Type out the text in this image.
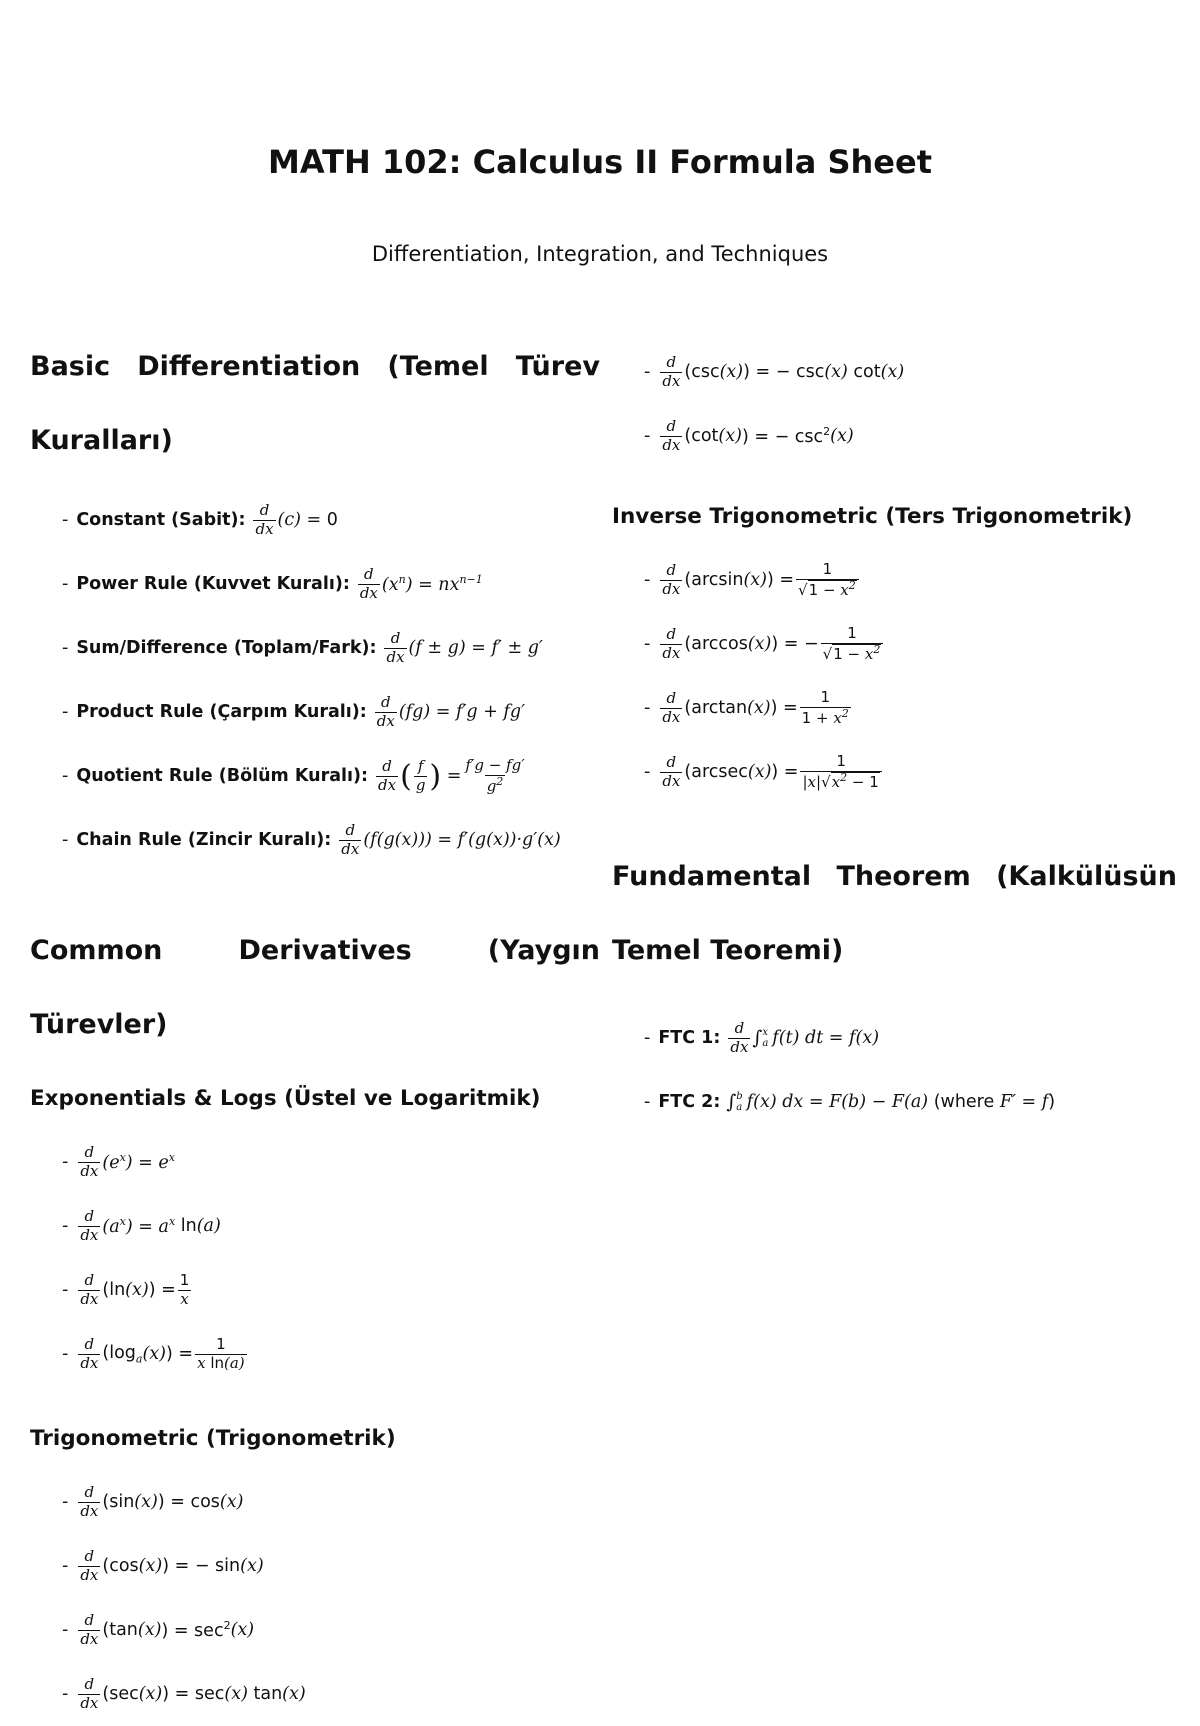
MATH 102: Calculus II Formula Sheet

Differentiation, Integration, and Techniques

Basic Differentiation (Temel Türev Kuralları)
- Constant (Sabit): $\frac{d}{dx} (c) = 0$
- Power Rule (Kuvvet Kuralı): $\frac{d}{dx} (x^n) = nx^{n-1}$
- Sum/Difference (Toplam/Fark): $\frac{d}{dx} (f \pm g) = f' \pm g'$
- Product Rule (Çarpım Kuralı): $\frac{d}{dx} (fg) = f'g + fg'$
- Quotient Rule (Bölüm Kuralı): $\frac{d}{dx}$ ( $\frac{f}{g}$ ) = $\frac{f'g - fg'}{g^2}$
- Chain Rule (Zincir Kuralı): $\frac{d}{dx} (f(g(x))) = f'(g(x))\cdot g'(x)$
Common Derivatives (Yaygın Türevler)
Exponentials & Logs (Üstel ve Logaritmik)
- $\frac{d}{dx} (e^x) = e^x$
- $\frac{d}{dx} (a^x) = a^x$ ln (a)
- $\frac{d}{dx} (\ln$ (x) ) = $\frac{1}{x}$
- $\frac{d}{dx} (\log_a$ (x) ) = $\frac{1}{\text{x ln(a)}}$
Trigonometric (Trigonometrik)
- $\frac{d}{dx} (\sin$ (x) ) = cos (x)
- $\frac{d}{dx} (\cos$ (x) ) = − sin (x)
- $\frac{d}{dx} (\tan$ (x) ) = $\sec^2 (x)$
- $\frac{d}{dx} (\sec$ (x) ) = sec (x) tan (x)
- $\frac{d}{dx} (\csc$ (x) ) = − csc (x) cot (x)
- $\frac{d}{dx} (\cot$ (x) ) = − $\csc^2 (x)$
Inverse Trigonometric (Ters Trigonometrik)
- $\frac{d}{dx} (\arcsin$ (x) ) = $\frac{1}{√1 - x^2}$
- $\frac{d}{dx} (\arccos$ (x) ) = − $\frac{1}{√1 - x^2}$
- $\frac{d}{dx} (\arctan$ (x) ) = $\frac{1}{1 + x^2}$
- $\frac{d}{dx} (arcsec$ (x) ) = $\frac{1}{|x|√x^2 - 1}$
Fundamental Theorem (Kalkülüsün Temel Teoremi)
- FTC 1: $\frac{d}{dx}$ ∫ x
a f(t) dt = f(x)
- FTC 2: ∫ b
a f(x) dx = F(b) − F(a)
(where F′ = f )
